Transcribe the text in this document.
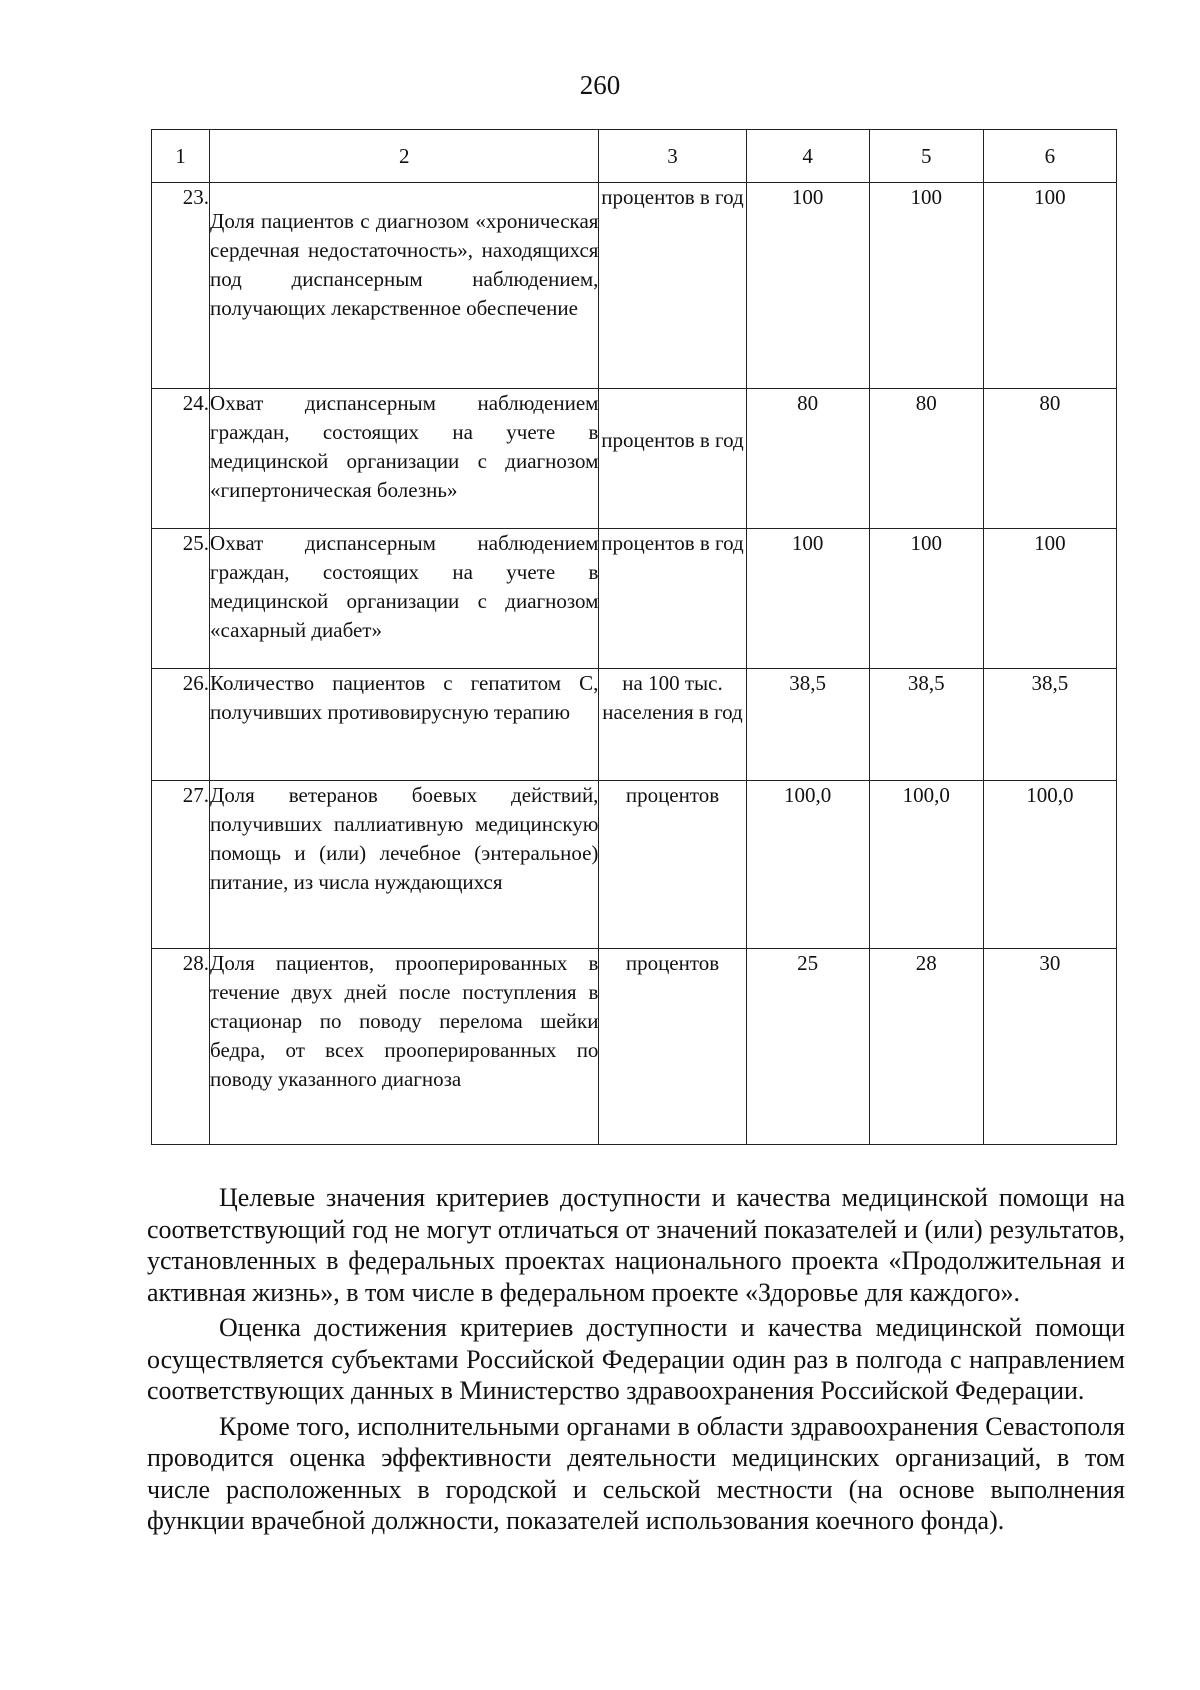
260
1	2	3	4	5	6
23.	Доля пациентов с диагнозом «хроническая сердечная недостаточность», находящихся под диспансерным наблюдением, получающих лекарственное обеспечение	процентов в год	100	100	100
24.	Охват диспансерным наблюдением граждан, состоящих на учете в медицинской организации с диагнозом «гипертоническая болезнь»	процентов в год	80	80	80
25.	Охват диспансерным наблюдением граждан, состоящих на учете в медицинской организации с диагнозом «сахарный диабет»	процентов в год	100	100	100
26.	Количество пациентов с гепатитом С, получивших противовирусную терапию	на 100 тыс. населения в год	38,5	38,5	38,5
27.	Доля ветеранов боевых действий, получивших паллиативную медицинскую помощь и (или) лечебное (энтеральное) питание, из числа нуждающихся	процентов	100,0	100,0	100,0
28.	Доля пациентов, прооперированных в течение двух дней после поступления в стационар по поводу перелома шейки бедра, от всех прооперированных по поводу указанного диагноза	процентов	25	28	30

Целевые значения критериев доступности и качества медицинской помощи на соответствующий год не могут отличаться от значений показателей и (или) результатов, установленных в федеральных проектах национального проекта «Продолжительная и активная жизнь», в том числе в федеральном проекте «Здоровье для каждого».

Оценка достижения критериев доступности и качества медицинской помощи осуществляется субъектами Российской Федерации один раз в полгода с направлением соответствующих данных в Министерство здравоохранения Российской Федерации.

Кроме того, исполнительными органами в области здравоохранения Севастополя проводится оценка эффективности деятельности медицинских организаций, в том числе расположенных в городской и сельской местности (на основе выполнения функции врачебной должности, показателей использования коечного фонда).
